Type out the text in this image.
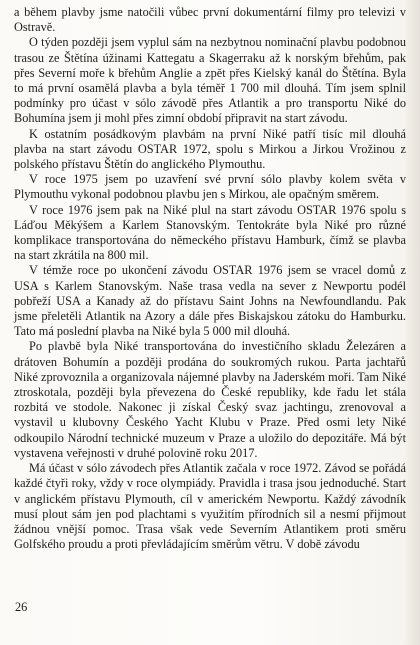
a během plavby jsme natočili vůbec první dokumentární filmy pro televizi v Ostravě.

O týden později jsem vyplul sám na nezbytnou nominační plavbu podobnou trasou ze Štětína úžinami Kattegatu a Skagerraku až k norským břehům, pak přes Severní moře k břehům Anglie a zpět přes Kielský kanál do Štětína. Byla to má první osamělá plavba a byla téměř 1 700 mil dlouhá. Tím jsem splnil podmínky pro účast v sólo závodě přes Atlantik a pro transportu Niké do Bohumína jsem ji mohl přes zimní období připravit na start závodu.

K ostatním posádkovým plavbám na první Niké patří tisíc mil dlouhá plavba na start závodu OSTAR 1972, spolu s Mirkou a Jirkou Vrožinou z polského přístavu Štětín do anglického Plymouthu.

V roce 1975 jsem po uzavření své první sólo plavby kolem světa v Plymouthu vykonal podobnou plavbu jen s Mirkou, ale opačným směrem.

V roce 1976 jsem pak na Niké plul na start závodu OSTAR 1976 spolu s Láďou Měkýšem a Karlem Stanovským. Tentokráte byla Niké pro různé komplikace transportována do německého přístavu Hamburk, čímž se plavba na start zkrátila na 800 mil.

V témže roce po ukončení závodu OSTAR 1976 jsem se vracel domů z USA s Karlem Stanovským. Naše trasa vedla na sever z Newportu podél pobřeží USA a Kanady až do přístavu Saint Johns na Newfoundlandu. Pak jsme přeletěli Atlantik na Azory a dále přes Biskajskou zátoku do Hamburku. Tato má poslední plavba na Niké byla 5 000 mil dlouhá.

Po plavbě byla Niké transportována do investičního skladu Železáren a drátoven Bohumín a později prodána do soukromých rukou. Parta jachtařů Niké zprovoznila a organizovala nájemné plavby na Jaderském moři. Tam Niké ztroskotala, později byla převezena do České republiky, kde řadu let stála rozbitá ve stodole. Nakonec ji získal Český svaz jachtingu, zrenovoval a vystavil u klubovny Českého Yacht Klubu v Praze. Před osmi lety Niké odkoupilo Národní technické muzeum v Praze a uložilo do depozitáře. Má být vystavena veřejnosti v druhé polovině roku 2017.

Má účast v sólo závodech přes Atlantik začala v roce 1972. Závod se pořádá každé čtyři roky, vždy v roce olympiády. Pravidla i trasa jsou jednoduché. Start v anglickém přístavu Plymouth, cíl v americkém Newportu. Každý závodník musí plout sám jen pod plachtami s využitím přírodních sil a nesmí přijmout žádnou vnější pomoc. Trasa však vede Severním Atlantikem proti směru Golfského proudu a proti převládajícím směrům větru. V době závodu

26
